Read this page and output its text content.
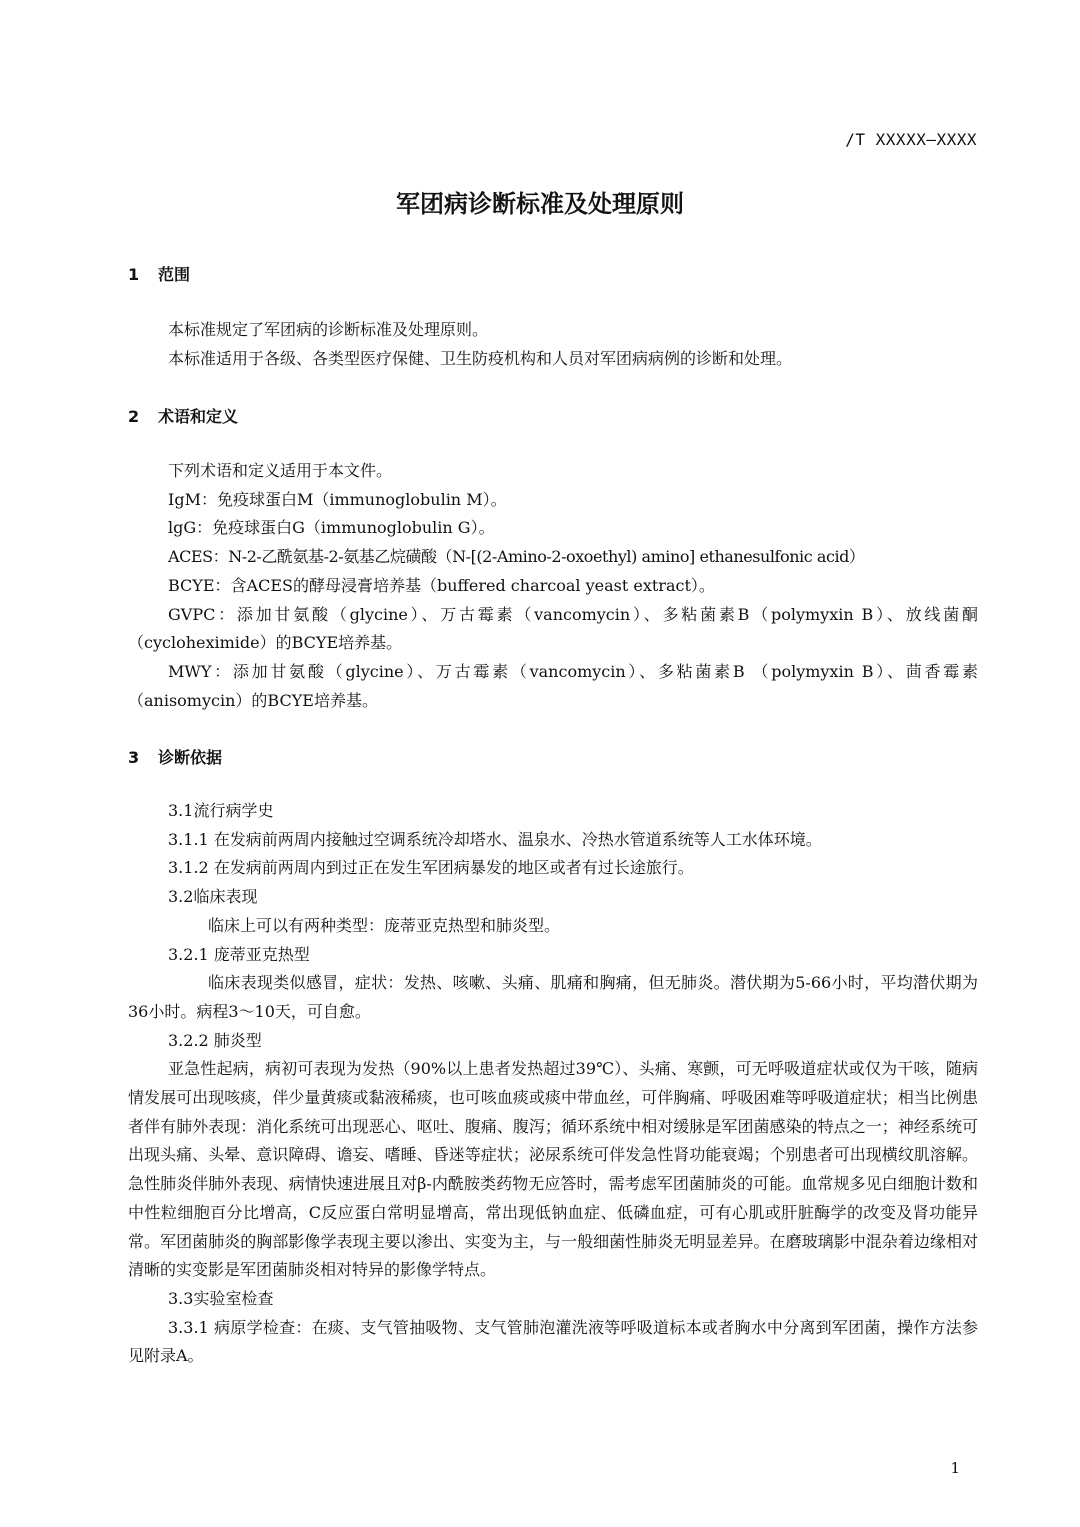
/T XXXXX—XXXX
军团病诊断标准及处理原则
1 范围

本标准规定了军团病的诊断标准及处理原则。

本标准适用于各级、各类型医疗保健、卫生防疫机构和人员对军团病病例的诊断和处理。

2 术语和定义

下列术语和定义适用于本文件。

IgM：免疫球蛋白M（immunoglobulin M）。

lgG：免疫球蛋白G（immunoglobulin G）。

ACES：N-2-乙酰氨基-2-氨基乙烷磺酸（N-[(2-Amino-2-oxoethyl) amino] ethanesulfonic acid）

BCYE：含ACES的酵母浸膏培养基（buffered charcoal yeast extract）。

GVPC：添加甘氨酸（glycine）、万古霉素（vancomycin）、多粘菌素B（polymyxin B）、放线菌酮（cycloheximide）的BCYE培养基。

MWY：添加甘氨酸（glycine）、万古霉素（vancomycin）、多粘菌素B （polymyxin B）、茴香霉素（anisomycin）的BCYE培养基。

3 诊断依据

3.1流行病学史

3.1.1 在发病前两周内接触过空调系统冷却塔水、温泉水、冷热水管道系统等人工水体环境。

3.1.2 在发病前两周内到过正在发生军团病暴发的地区或者有过长途旅行。

3.2临床表现

临床上可以有两种类型：庞蒂亚克热型和肺炎型。

3.2.1 庞蒂亚克热型

临床表现类似感冒，症状：发热、咳嗽、头痛、肌痛和胸痛，但无肺炎。潜伏期为5-66小时，平均潜伏期为36小时。病程3～10天，可自愈。

3.2.2 肺炎型

亚急性起病，病初可表现为发热（90%以上患者发热超过39℃）、头痛、寒颤，可无呼吸道症状或仅为干咳，随病情发展可出现咳痰，伴少量黄痰或黏液稀痰，也可咳血痰或痰中带血丝，可伴胸痛、呼吸困难等呼吸道症状；相当比例患者伴有肺外表现：消化系统可出现恶心、呕吐、腹痛、腹泻；循环系统中相对缓脉是军团菌感染的特点之一；神经系统可出现头痛、头晕、意识障碍、谵妄、嗜睡、昏迷等症状；泌尿系统可伴发急性肾功能衰竭；个别患者可出现横纹肌溶解。急性肺炎伴肺外表现、病情快速进展且对β-内酰胺类药物无应答时，需考虑军团菌肺炎的可能。血常规多见白细胞计数和中性粒细胞百分比增高，C反应蛋白常明显增高，常出现低钠血症、低磷血症，可有心肌或肝脏酶学的改变及肾功能异常。军团菌肺炎的胸部影像学表现主要以渗出、实变为主，与一般细菌性肺炎无明显差异。在磨玻璃影中混杂着边缘相对清晰的实变影是军团菌肺炎相对特异的影像学特点。

3.3实验室检查

3.3.1 病原学检查：在痰、支气管抽吸物、支气管肺泡灌洗液等呼吸道标本或者胸水中分离到军团菌，操作方法参见附录A。

1
